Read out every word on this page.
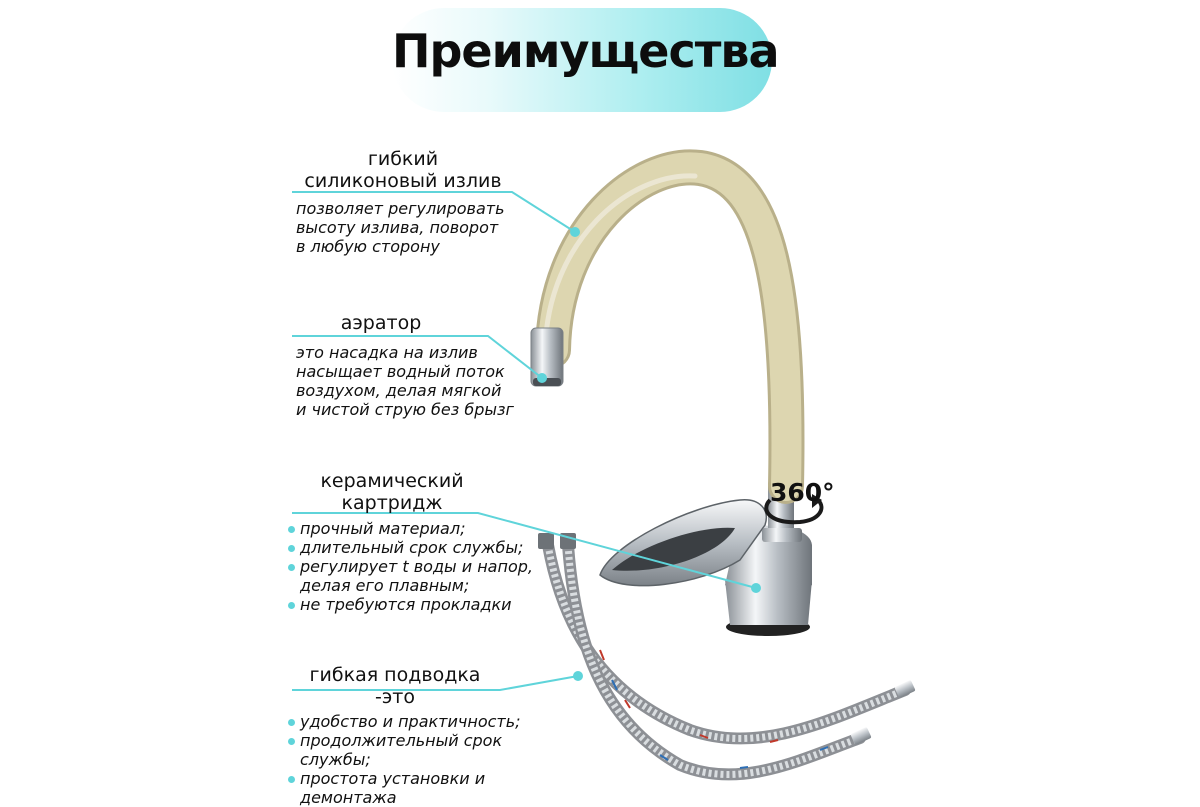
Преимущества
360°
гибкий
силиконовый излив
позволяет регулировать
высоту излива, поворот
в любую сторону
аэратор
это насадка на излив
насыщает водный поток
воздухом, делая мягкой
и чистой струю без брызг
керамический
картридж
прочный материал;
длительный срок службы;
регулирует t воды и напор,
делая его плавным;
не требуются прокладки
гибкая подводка
-это
удобство и практичность;
продолжительный срок
службы;
простота установки и
демонтажа
